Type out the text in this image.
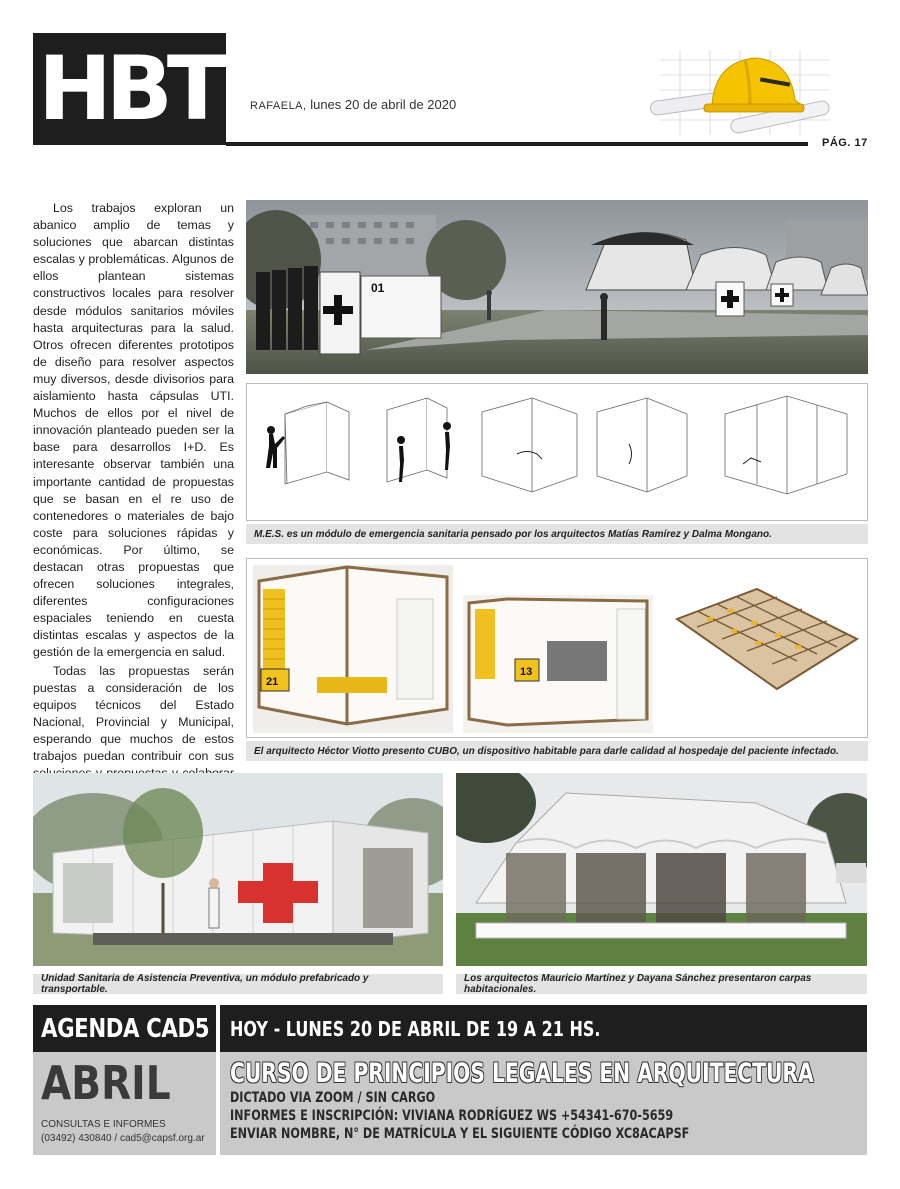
HBT	RAFAELA, lunes 20 de abril de 2020
PÁG. 17

Los trabajos exploran un abanico amplio de temas y soluciones que abarcan distintas escalas y problemáticas. Algunos de ellos plantean sistemas constructivos locales para resolver desde módulos sanitarios móviles hasta arquitecturas para la salud. Otros ofrecen diferentes prototipos de diseño para resolver aspectos muy diversos, desde divisorios para aislamiento hasta cápsulas UTI. Muchos de ellos por el nivel de innovación planteado pueden ser la base para desarrollos I+D. Es interesante observar también una importante cantidad de propuestas que se basan en el re uso de contenedores o materiales de bajo coste para soluciones rápidas y económicas. Por último, se destacan otras propuestas que ofrecen soluciones integrales, diferentes configuraciones espaciales teniendo en cuesta distintas escalas y aspectos de la gestión de la emergencia en salud.

Todas las propuestas serán puestas a consideración de los equipos técnicos del Estado Nacional, Provincial y Municipal, esperando que muchos de estos trabajos puedan contribuir con sus

01
M.E.S. es un módulo de emergencia sanitaria pensado por los arquitectos Matías Ramírez y Dalma Mongano.
21
13
El arquitecto Héctor Viotto presento CUBO, un dispositivo habitable para darle calidad al hospedaje del paciente infectado.
Unidad Sanitaria de Asistencia Preventiva, un módulo prefabricado y transportable.
Los arquitectos Mauricio Martínez y Dayana Sánchez presentaron carpas habitacionales.
AGENDA CAD5
ABRIL
CONSULTAS E INFORMES
(03492) 430840 / cad5@capsf.org.ar
HOY - LUNES 20 DE ABRIL DE 19 A 21 HS.
CURSO DE PRINCIPIOS LEGALES EN ARQUITECTURA
DICTADO VIA ZOOM / SIN CARGO
INFORMES E INSCRIPCIÓN: VIVIANA RODRÍGUEZ WS +54341-670-5659
ENVIAR NOMBRE, N° DE MATRÍCULA Y EL SIGUIENTE CÓDIGO XC8ACAPSF
